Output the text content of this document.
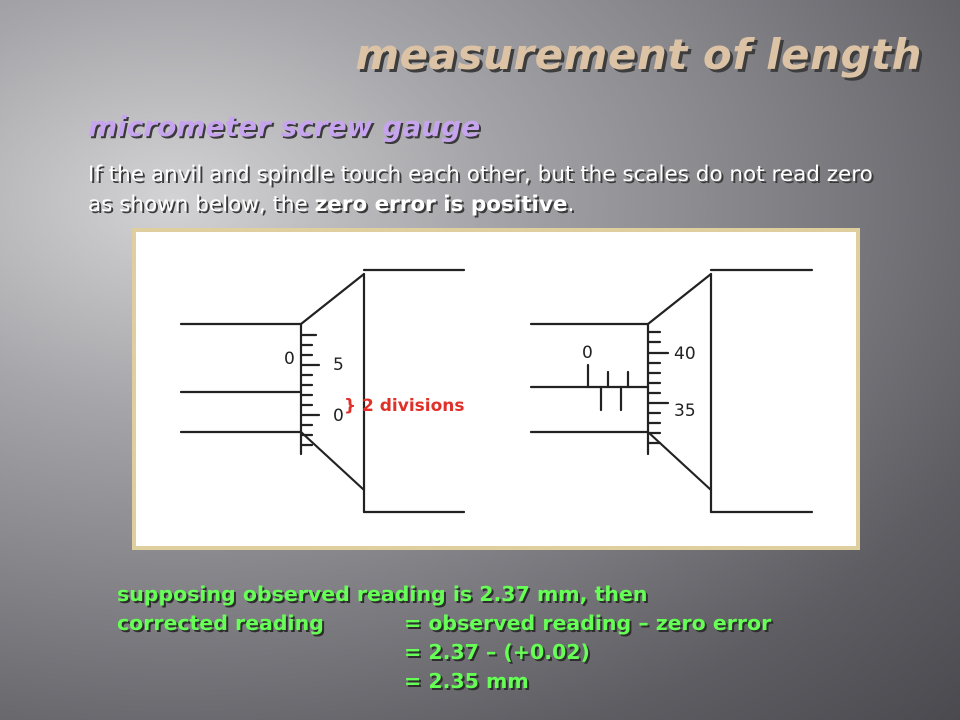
measurement of length
micrometer screw gauge
If the anvil and spindle touch each other, but the scales do not read zero as shown below, the zero error is positive.
0 5
0
0	40
35
} 2 divisions
supposing observed reading is 2.37 mm, then
corrected reading	= observed reading – zero error
= 2.37 – (+0.02)
= 2.35 mm
